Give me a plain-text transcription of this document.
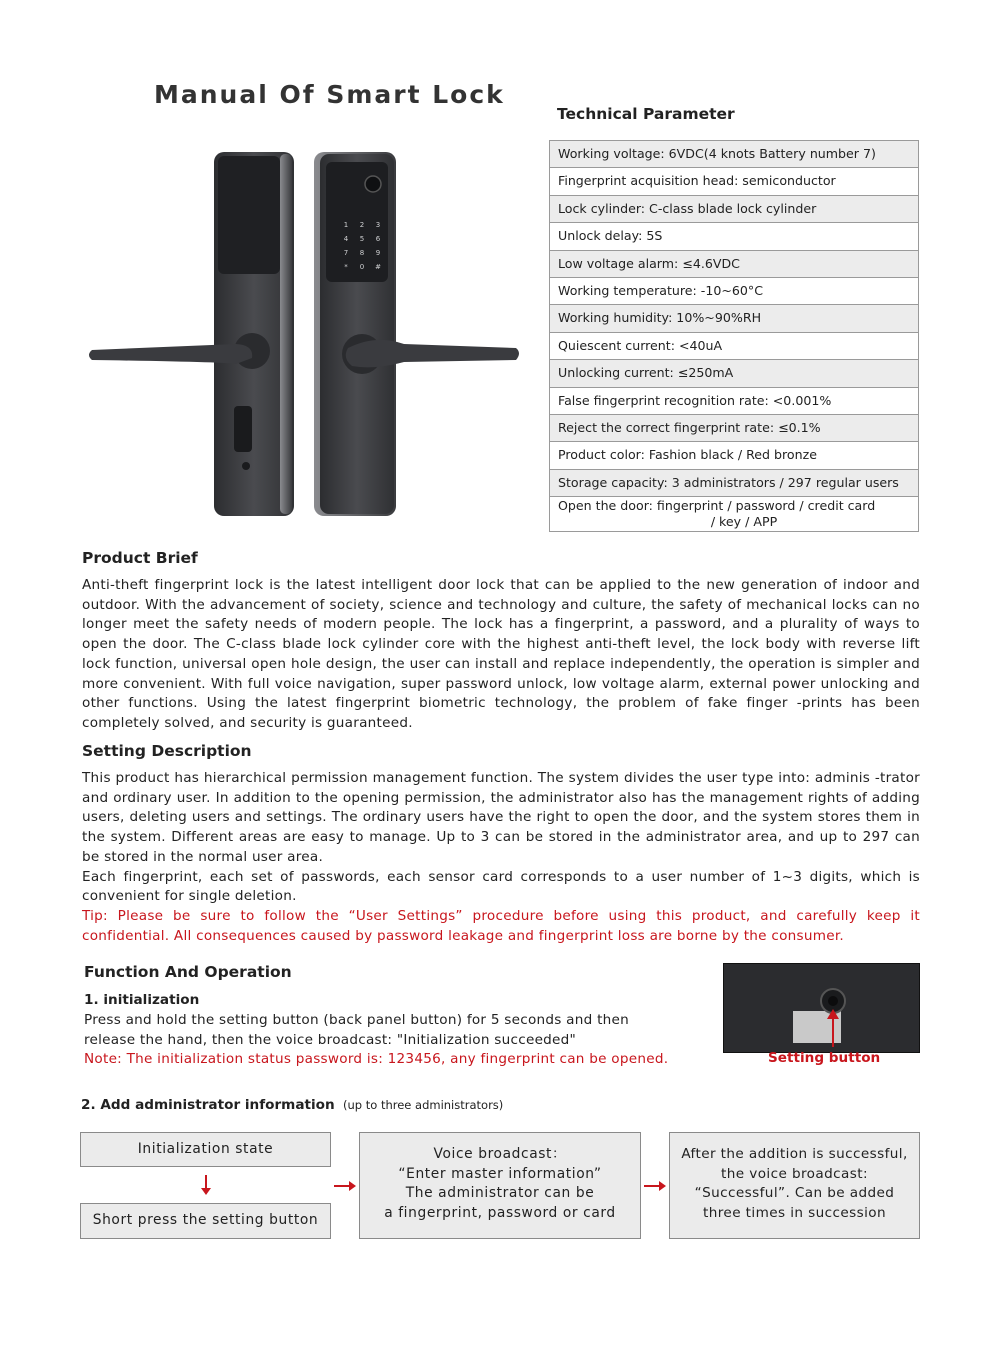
Manual Of Smart Lock
1 2 3
4 5 6
7 8 9
* 0 #
Technical Parameter
Working voltage: 6VDC(4 knots Battery number 7)
Fingerprint acquisition head: semiconductor
Lock cylinder: C-class blade lock cylinder
Unlock delay: 5S
Low voltage alarm: ≤4.6VDC
Working temperature: -10~60°C
Working humidity: 10%~90%RH
Quiescent current: <40uA
Unlocking current: ≤250mA
False fingerprint recognition rate: <0.001%
Reject the correct fingerprint rate: ≤0.1%
Product color: Fashion black / Red bronze
Storage capacity: 3 administrators / 297 regular users
Open the door: fingerprint / password / credit card
/ key / APP
Product Brief
Anti-theft fingerprint lock is the latest intelligent door lock that can be applied to the new generation of indoor and outdoor. With the advancement of society, science and technology and culture, the safety of mechanical locks can no longer meet the safety needs of modern people. The lock has a fingerprint, a password, and a plurality of ways to open the door. The C-class blade lock cylinder core with the highest anti-theft level, the lock body with reverse lift lock function, universal open hole design, the user can install and replace independently, the operation is simpler and more convenient. With full voice navigation, super password unlock, low voltage alarm, external power unlocking and other functions. Using the latest fingerprint biometric technology, the problem of fake finger -prints has been completely solved, and security is guaranteed.
Setting Description
This product has hierarchical permission management function. The system divides the user type into: adminis -trator and ordinary user. In addition to the opening permission, the administrator also has the management rights of adding users, deleting users and settings. The ordinary users have the right to open the door, and the system stores them in the system. Different areas are easy to manage. Up to 3 can be stored in the administrator area, and up to 297 can be stored in the normal user area.
Each fingerprint, each set of passwords, each sensor card corresponds to a user number of 1~3 digits, which is convenient for single deletion.
Tip: Please be sure to follow the “User Settings” procedure before using this product, and carefully keep it confidential. All consequences caused by password leakage and fingerprint loss are borne by the consumer.
Function And Operation
1. initialization
Press and hold the setting button (back panel button) for 5 seconds and then release the hand, then the voice broadcast: "Initialization succeeded"
Note: The initialization status password is: 123456, any fingerprint can be opened.	Setting button
2. Add administrator information (up to three administrators)
Initialization state
Short press the setting button
Voice broadcast：
“Enter master information”
The administrator can be
a fingerprint, password or card
After the addition is successful,
the voice broadcast:
“Successful”. Can be added
three times in succession
